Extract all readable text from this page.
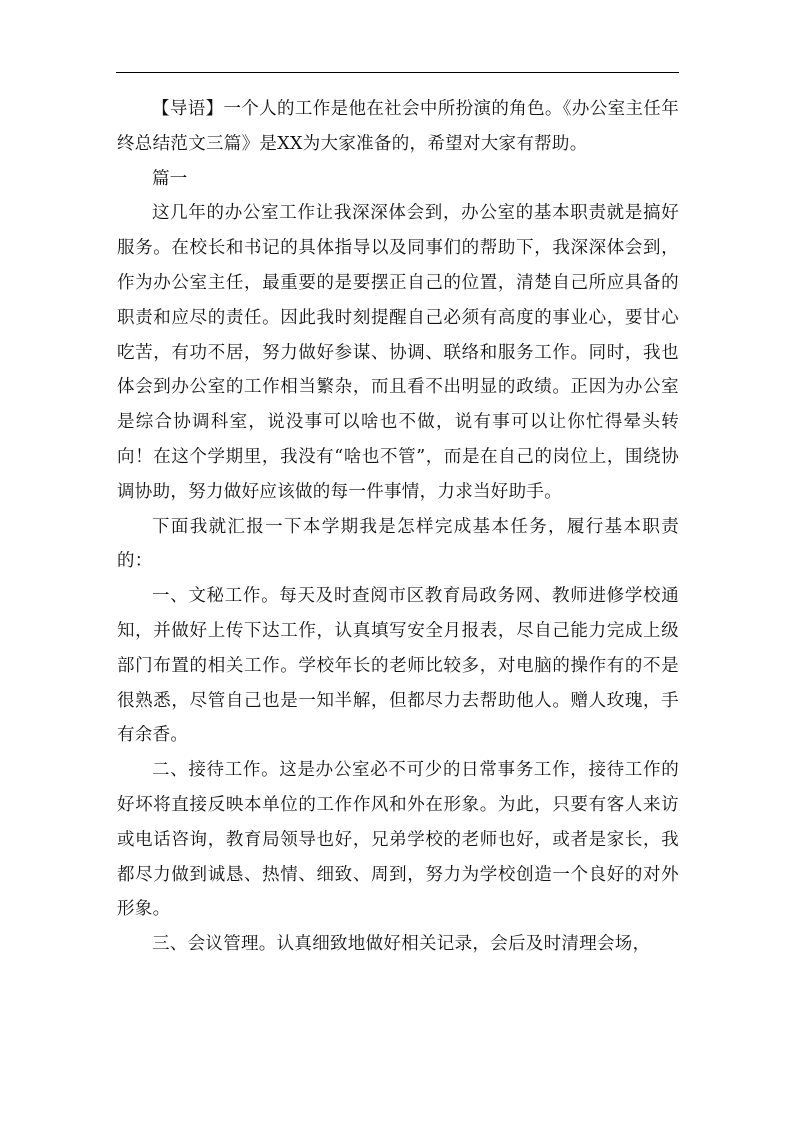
【导语】一个人的工作是他在社会中所扮演的角色。《办公室主任年终总结范文三篇》是XX为大家准备的，希望对大家有帮助。

篇一

这几年的办公室工作让我深深体会到，办公室的基本职责就是搞好服务。在校长和书记的具体指导以及同事们的帮助下，我深深体会到，作为办公室主任，最重要的是要摆正自己的位置，清楚自己所应具备的职责和应尽的责任。因此我时刻提醒自己必须有高度的事业心，要甘心吃苦，有功不居，努力做好参谋、协调、联络和服务工作。同时，我也体会到办公室的工作相当繁杂，而且看不出明显的政绩。正因为办公室是综合协调科室，说没事可以啥也不做，说有事可以让你忙得晕头转向！在这个学期里，我没有“啥也不管”，而是在自己的岗位上，围绕协调协助，努力做好应该做的每一件事情，力求当好助手。

下面我就汇报一下本学期我是怎样完成基本任务，履行基本职责的：

一、文秘工作。每天及时查阅市区教育局政务网、教师进修学校通知，并做好上传下达工作，认真填写安全月报表，尽自己能力完成上级部门布置的相关工作。学校年长的老师比较多，对电脑的操作有的不是很熟悉，尽管自己也是一知半解，但都尽力去帮助他人。赠人玫瑰，手有余香。

二、接待工作。这是办公室必不可少的日常事务工作，接待工作的好坏将直接反映本单位的工作作风和外在形象。为此，只要有客人来访或电话咨询，教育局领导也好，兄弟学校的老师也好，或者是家长，我都尽力做到诚恳、热情、细致、周到，努力为学校创造一个良好的对外形象。

三、会议管理。认真细致地做好相关记录，会后及时清理会场，
